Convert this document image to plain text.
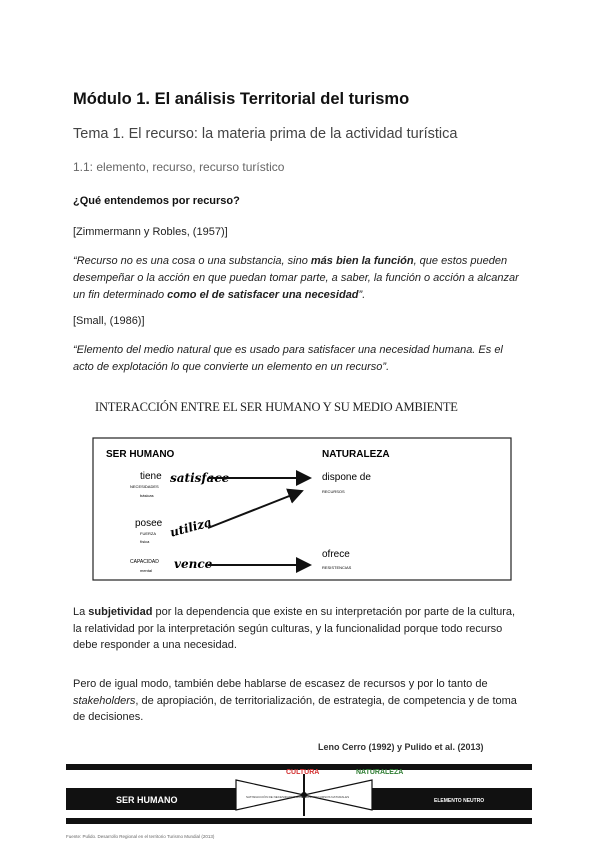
Módulo 1. El análisis Territorial del turismo
Tema 1. El recurso: la materia prima de la actividad turística
1.1: elemento, recurso, recurso turístico
¿Qué entendemos por recurso?
[Zimmermann y Robles, (1957)]
“Recurso no es una cosa o una substancia, sino más bien la función, que estos pueden
desempeñar o la acción en que puedan tomar parte, a saber, la función o acción a alcanzar
un fin determinado como el de satisfacer una necesidad”.
[Small, (1986)]
“Elemento del medio natural que es usado para satisfacer una necesidad humana. Es el
acto de explotación lo que convierte un elemento en un recurso”.
INTERACCIÓN ENTRE EL SER HUMANO Y SU MEDIO AMBIENTE
SER HUMANO	NATURALEZA
tiene
NECESIDADES
básicas
satisface	dispone de
RECURSOS
posee
FUERZA
física
utiliza
CAPACIDAD
mental vence
ofrece
RESISTENCIAS
La subjetividad por la dependencia que existe en su interpretación por parte de la cultura,
la relatividad por la interpretación según culturas, y la funcionalidad porque todo recurso
debe responder a una necesidad.
Pero de igual modo, también debe hablarse de escasez de recursos y por lo tanto de
stakeholders, de apropiación, de territorialización, de estrategia, de competencia y de toma
de decisiones.
Leno Cerro (1992) y Pulido et al. (2013)
SER HUMANO	ELEMENTO NEUTRO
SATISFACCIÓN DE NECESIDADES HUMANAS / RECURSOS NATURALES
CULTURA	NATURALEZA
Fuente: Pulido. Desarrollo Regional en el territorio Turismo Mundial (2013)
